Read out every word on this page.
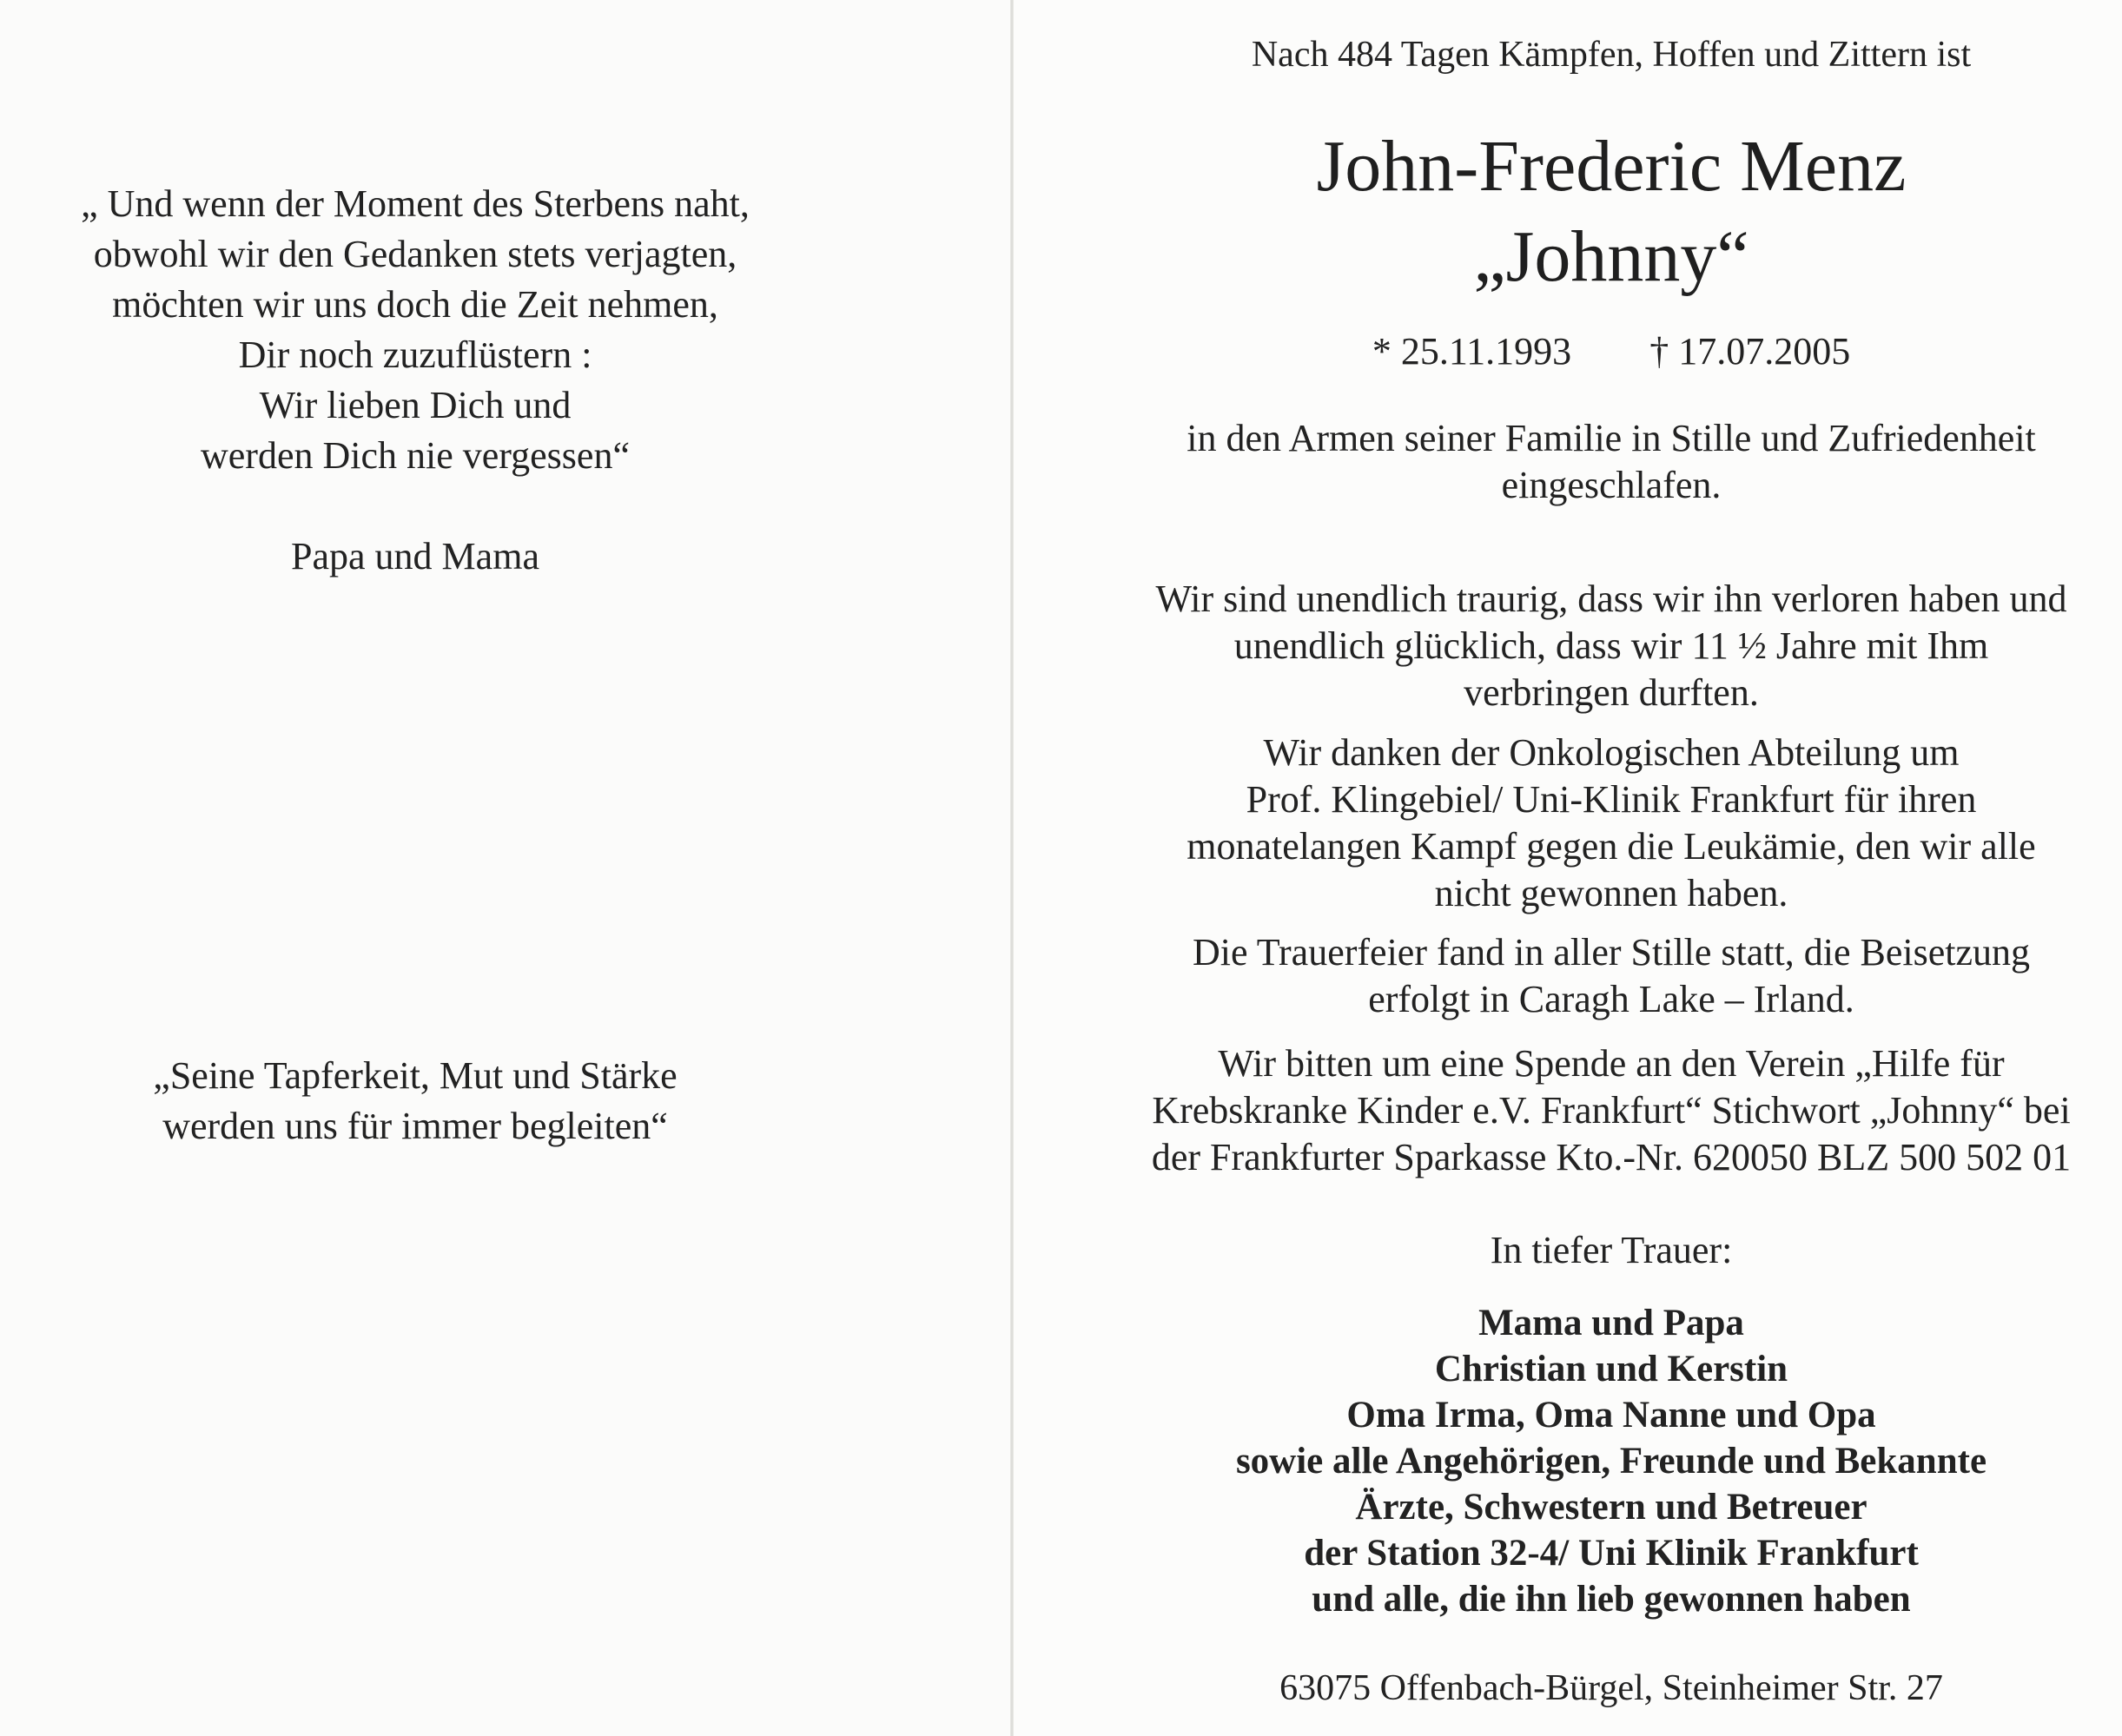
„ Und wenn der Moment des Sterbens naht,
obwohl wir den Gedanken stets verjagten,
möchten wir uns doch die Zeit nehmen,
Dir noch zuzuflüstern :
Wir lieben Dich und
werden Dich nie vergessen“
Papa und Mama
„Seine Tapferkeit, Mut und Stärke
werden uns für immer begleiten“
Nach 484 Tagen Kämpfen, Hoffen und Zittern ist
John-Frederic Menz
„Johnny“
* 25.11.1993 † 17.07.2005
in den Armen seiner Familie in Stille und Zufriedenheit
eingeschlafen.
Wir sind unendlich traurig, dass wir ihn verloren haben und
unendlich glücklich, dass wir 11 ½ Jahre mit Ihm
verbringen durften.
Wir danken der Onkologischen Abteilung um
Prof. Klingebiel/ Uni-Klinik Frankfurt für ihren
monatelangen Kampf gegen die Leukämie, den wir alle
nicht gewonnen haben.
Die Trauerfeier fand in aller Stille statt, die Beisetzung
erfolgt in Caragh Lake – Irland.
Wir bitten um eine Spende an den Verein „Hilfe für
Krebskranke Kinder e.V. Frankfurt“ Stichwort „Johnny“ bei
der Frankfurter Sparkasse Kto.-Nr. 620050 BLZ 500 502 01
In tiefer Trauer:
Mama und Papa
Christian und Kerstin
Oma Irma, Oma Nanne und Opa
sowie alle Angehörigen, Freunde und Bekannte
Ärzte, Schwestern und Betreuer
der Station 32-4/ Uni Klinik Frankfurt
und alle, die ihn lieb gewonnen haben
63075 Offenbach-Bürgel, Steinheimer Str. 27
